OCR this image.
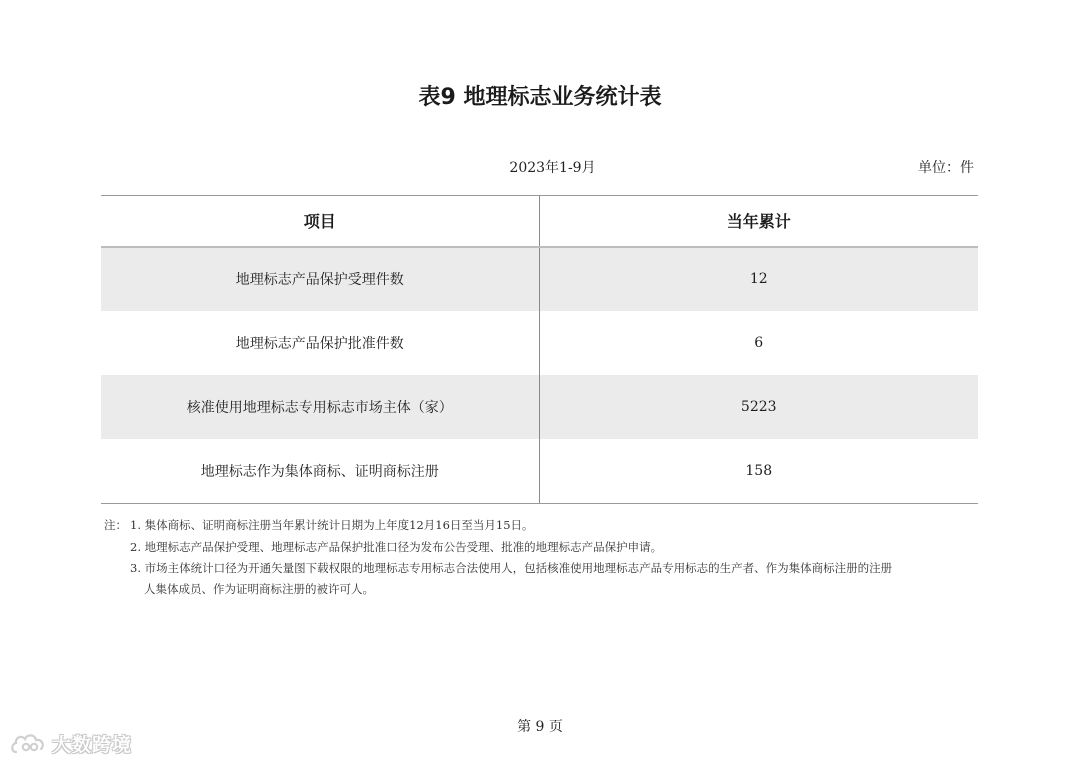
表9 地理标志业务统计表
2023年1-9月	单位：件
项目	当年累计
地理标志产品保护受理件数	12
地理标志产品保护批准件数	6
核准使用地理标志专用标志市场主体（家）	5223
地理标志作为集体商标、证明商标注册	158
注： 1. 集体商标、证明商标注册当年累计统计日期为上年度12月16日至当月15日。
2. 地理标志产品保护受理、地理标志产品保护批准口径为发布公告受理、批准的地理标志产品保护申请。
3. 市场主体统计口径为开通矢量图下载权限的地理标志专用标志合法使用人，包括核准使用地理标志产品专用标志的生产者、作为集体商标注册的注册
人集体成员、作为证明商标注册的被许可人。
第 9 页
大数跨境
